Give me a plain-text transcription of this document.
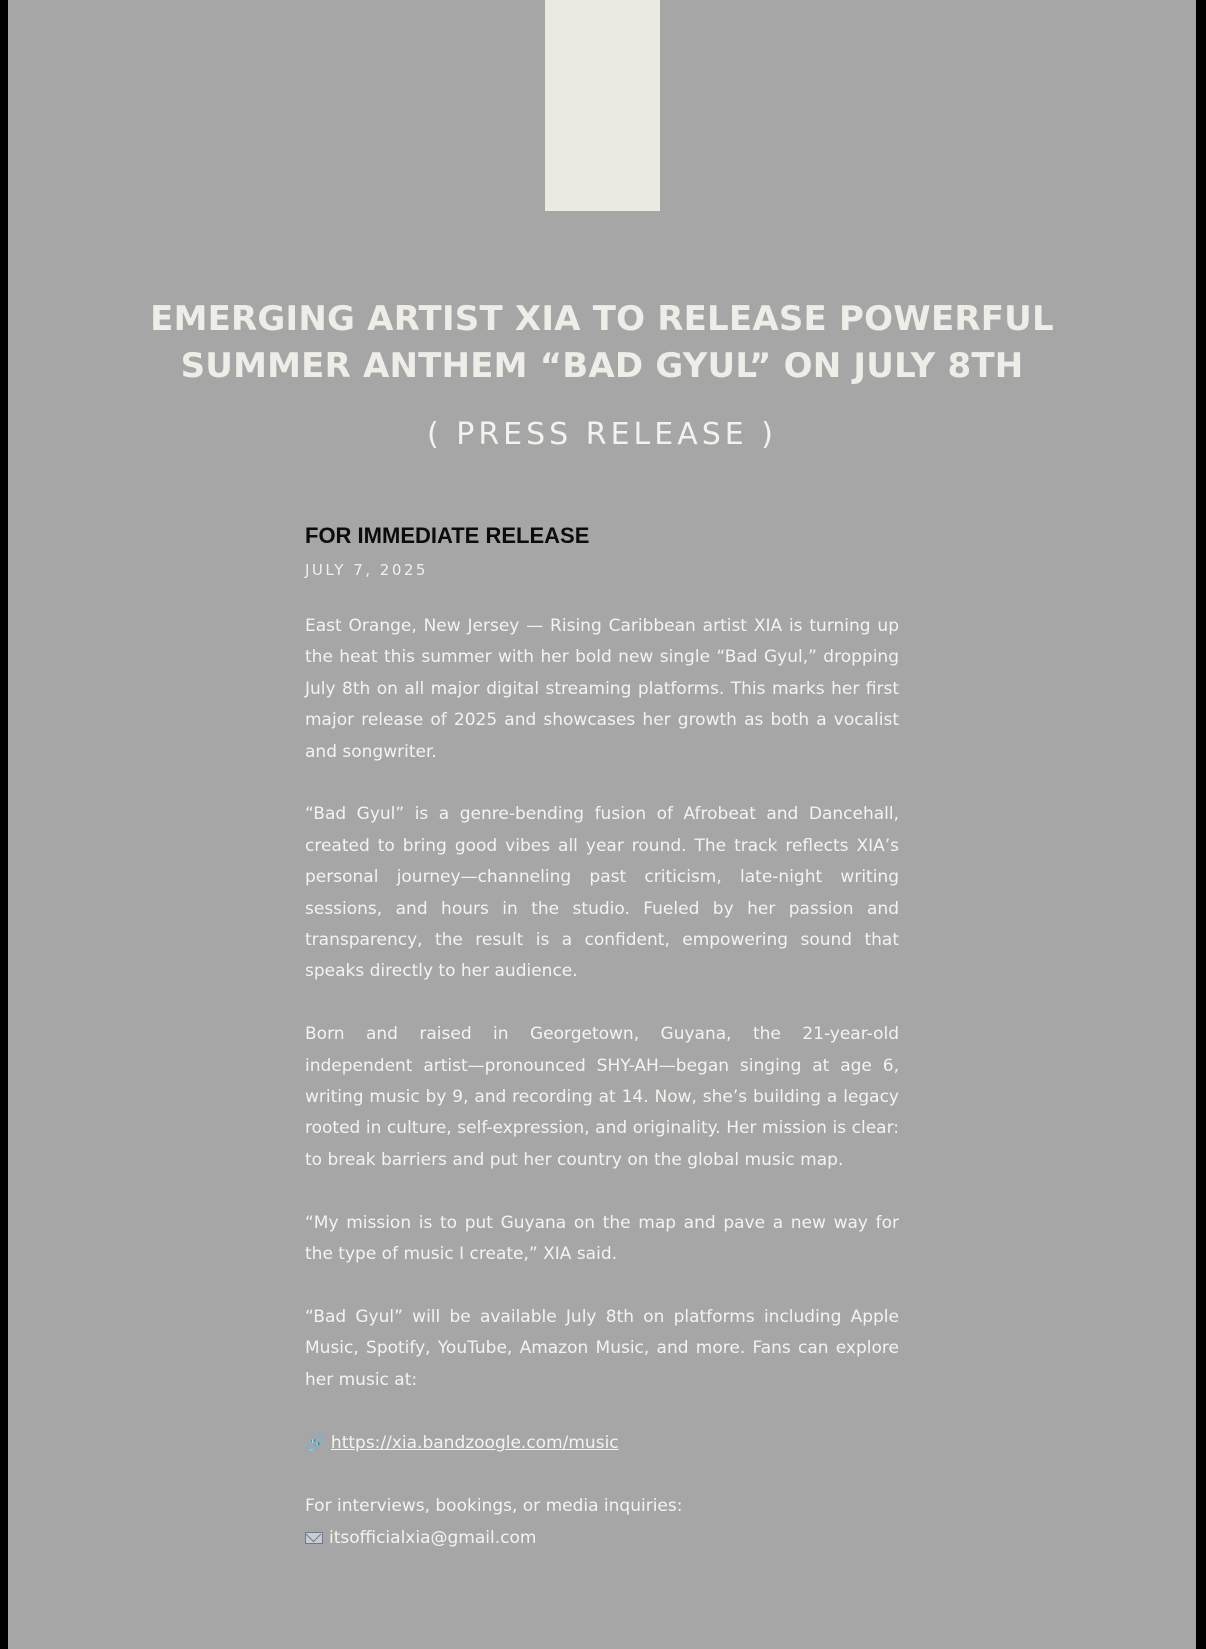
EMERGING ARTIST XIA TO RELEASE POWERFUL
SUMMER ANTHEM “BAD GYUL” ON JULY 8TH
( PRESS RELEASE )
FOR IMMEDIATE RELEASE
JULY 7, 2025

East Orange, New Jersey — Rising Caribbean artist XIA is turning up the heat this summer with her bold new single “Bad Gyul,” dropping July 8th on all major digital streaming platforms. This marks her first major release of 2025 and showcases her growth as both a vocalist and songwriter.

“Bad Gyul” is a genre-bending fusion of Afrobeat and Dancehall, created to bring good vibes all year round. The track reflects XIA’s personal journey—channeling past criticism, late-night writing sessions, and hours in the studio. Fueled by her passion and transparency, the result is a confident, empowering sound that speaks directly to her audience.

Born and raised in Georgetown, Guyana, the 21-year-old independent artist—pronounced SHY-AH—began singing at age 6, writing music by 9, and recording at 14. Now, she’s building a legacy rooted in culture, self-expression, and originality. Her mission is clear: to break barriers and put her country on the global music map.

“My mission is to put Guyana on the map and pave a new way for the type of music I create,” XIA said.

“Bad Gyul” will be available July 8th on platforms including Apple Music, Spotify, YouTube, Amazon Music, and more. Fans can explore her music at:

🔗 https://xia.bandzoogle.com/music
For interviews, bookings, or media inquiries:
itsofficialxia@gmail.com
